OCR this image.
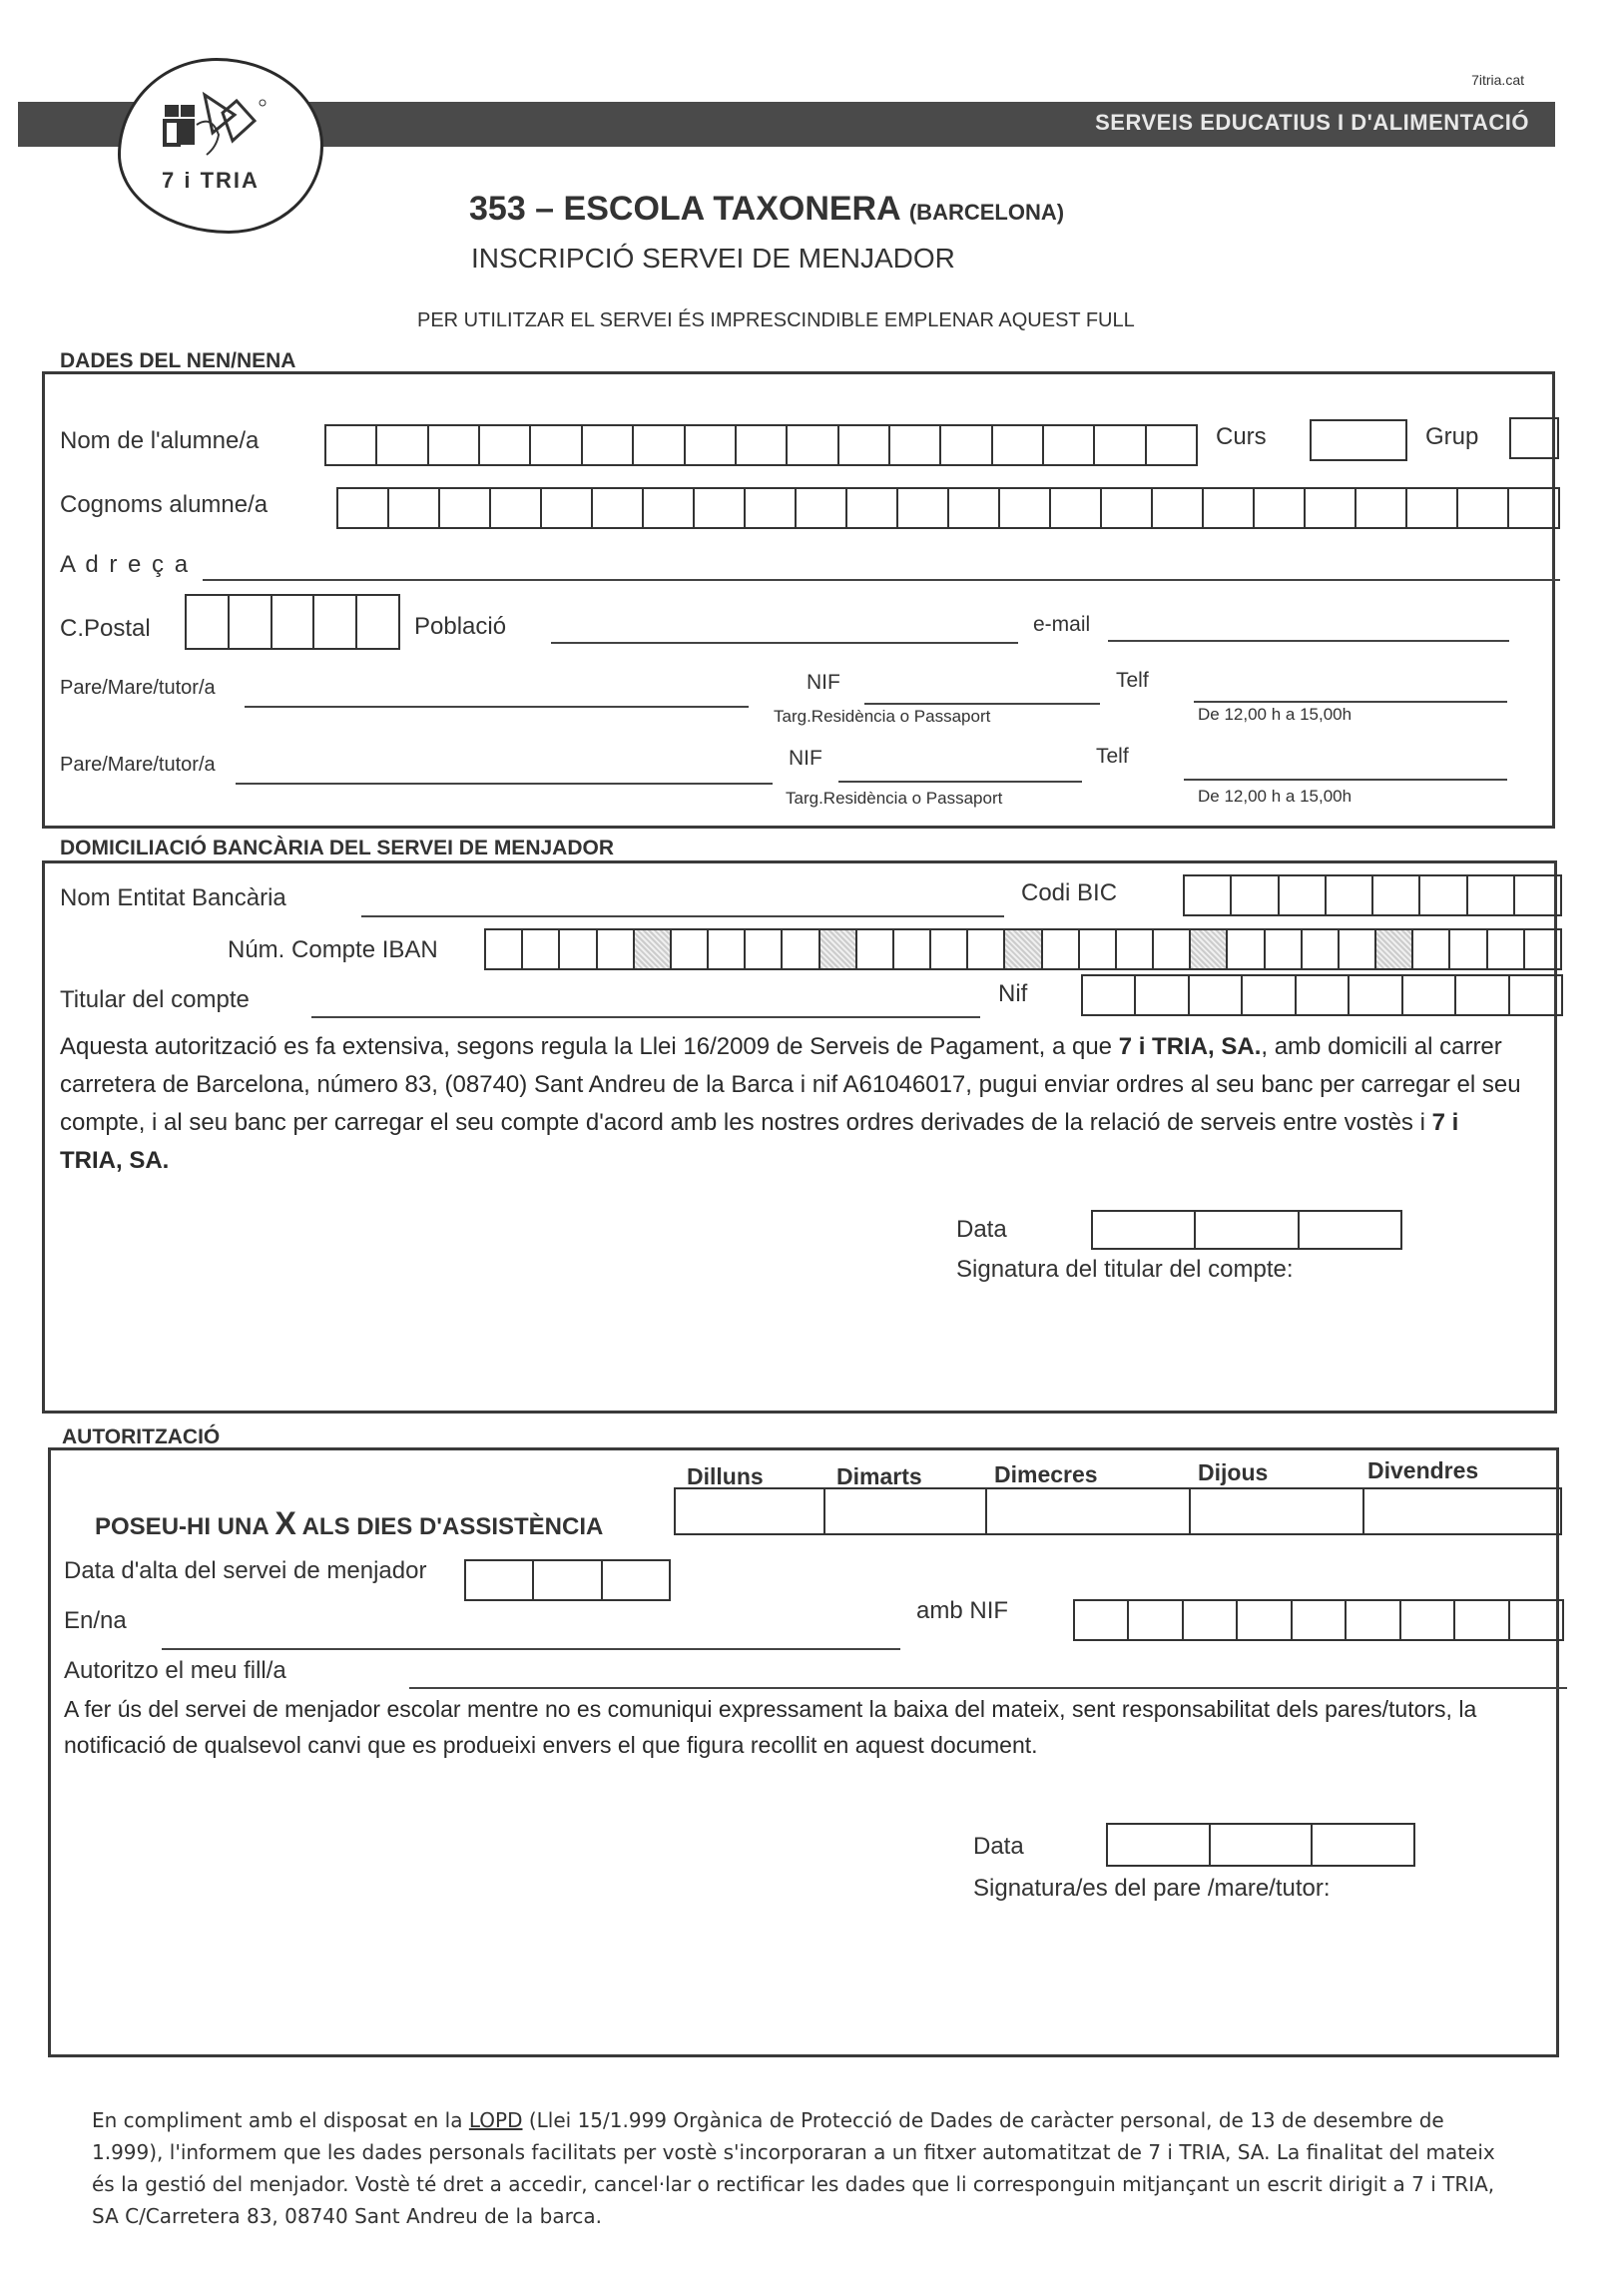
SERVEIS EDUCATIUS I D'ALIMENTACIÓ
7itria.cat
7 i TRIA
353 – ESCOLA TAXONERA (BARCELONA)
INSCRIPCIÓ SERVEI DE MENJADOR
PER UTILITZAR EL SERVEI ÉS IMPRESCINDIBLE EMPLENAR AQUEST FULL
DADES DEL NEN/NENA
Nom de l'alumne/a	Curs	Grup
Cognoms alumne/a
A d r e ç a
C.Postal	Població	e-mail
Pare/Mare/tutor/a	NIF
Targ.Residència o Passaport
Telf
De 12,00 h a 15,00h
Pare/Mare/tutor/a	NIF
Targ.Residència o Passaport
Telf
De 12,00 h a 15,00h
DOMICILIACIÓ BANCÀRIA DEL SERVEI DE MENJADOR
Nom Entitat Bancària	Codi BIC
Núm. Compte IBAN
Titular del compte	Nif
Aquesta autorització es fa extensiva, segons regula la Llei 16/2009 de Serveis de Pagament, a que 7 i TRIA, SA., amb domicili al carrer carretera de Barcelona, número 83, (08740) Sant Andreu de la Barca i nif A61046017, pugui enviar ordres al seu banc per carregar el seu compte, i al seu banc per carregar el seu compte d'acord amb les nostres ordres derivades de la relació de serveis entre vostès i 7 i TRIA, SA.
Data
Signatura del titular del compte:
AUTORITZACIÓ
Dilluns	Dimarts	Dimecres	Dijous	Divendres
POSEU-HI UNA X ALS DIES D'ASSISTÈNCIA
Data d'alta del servei de menjador
En/na	amb NIF
Autoritzo el meu fill/a
A fer ús del servei de menjador escolar mentre no es comuniqui expressament la baixa del mateix, sent responsabilitat dels pares/tutors, la notificació de qualsevol canvi que es produeixi envers el que figura recollit en aquest document.
Data
Signatura/es del pare /mare/tutor:
En compliment amb el disposat en la LOPD (Llei 15/1.999 Orgànica de Protecció de Dades de caràcter personal, de 13 de desembre de 1.999), l'informem que les dades personals facilitats per vostè s'incorporaran a un fitxer automatitzat de 7 i TRIA, SA. La finalitat del mateix és la gestió del menjador. Vostè té dret a accedir, cancel·lar o rectificar les dades que li corresponguin mitjançant un escrit dirigit a 7 i TRIA, SA C/Carretera 83, 08740 Sant Andreu de la barca.
